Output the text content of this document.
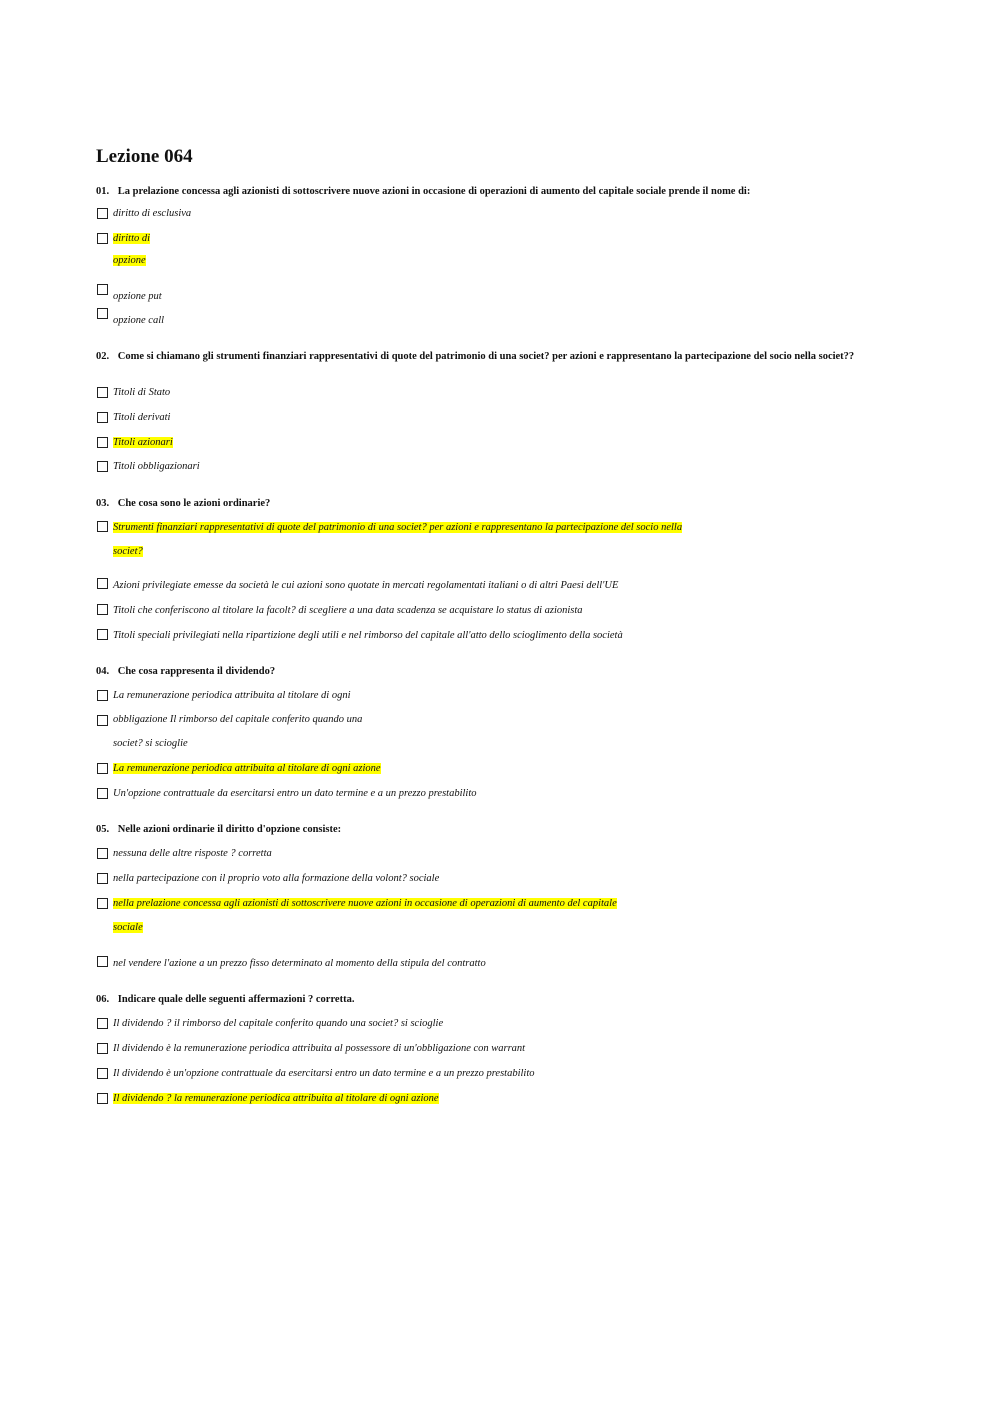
Lezione 064
01. La prelazione concessa agli azionisti di sottoscrivere nuove azioni in occasione di operazioni di aumento del capitale sociale prende il nome di:
diritto di esclusiva
diritto di
opzione
opzione put
opzione call
02. Come si chiamano gli strumenti finanziari rappresentativi di quote del patrimonio di una societ? per azioni e rappresentano la partecipazione del socio nella societ??
Titoli di Stato
Titoli derivati
Titoli azionari
Titoli obbligazionari
03. Che cosa sono le azioni ordinarie?
Strumenti finanziari rappresentativi di quote del patrimonio di una societ? per azioni e rappresentano la partecipazione del socio nella
societ?
Azioni privilegiate emesse da società le cui azioni sono quotate in mercati regolamentati italiani o di altri Paesi dell'UE
Titoli che conferiscono al titolare la facolt? di scegliere a una data scadenza se acquistare lo status di azionista
Titoli speciali privilegiati nella ripartizione degli utili e nel rimborso del capitale all'atto dello scioglimento della società
04. Che cosa rappresenta il dividendo?
La remunerazione periodica attribuita al titolare di ogni
obbligazione Il rimborso del capitale conferito quando una
societ? si scioglie
La remunerazione periodica attribuita al titolare di ogni azione
Un'opzione contrattuale da esercitarsi entro un dato termine e a un prezzo prestabilito
05. Nelle azioni ordinarie il diritto d'opzione consiste:
nessuna delle altre risposte ? corretta
nella partecipazione con il proprio voto alla formazione della volont? sociale
nella prelazione concessa agli azionisti di sottoscrivere nuove azioni in occasione di operazioni di aumento del capitale
sociale
nel vendere l'azione a un prezzo fisso determinato al momento della stipula del contratto
06. Indicare quale delle seguenti affermazioni ? corretta.
Il dividendo ? il rimborso del capitale conferito quando una societ? si scioglie
Il dividendo è la remunerazione periodica attribuita al possessore di un'obbligazione con warrant
Il dividendo è un'opzione contrattuale da esercitarsi entro un dato termine e a un prezzo prestabilito
Il dividendo ? la remunerazione periodica attribuita al titolare di ogni azione
